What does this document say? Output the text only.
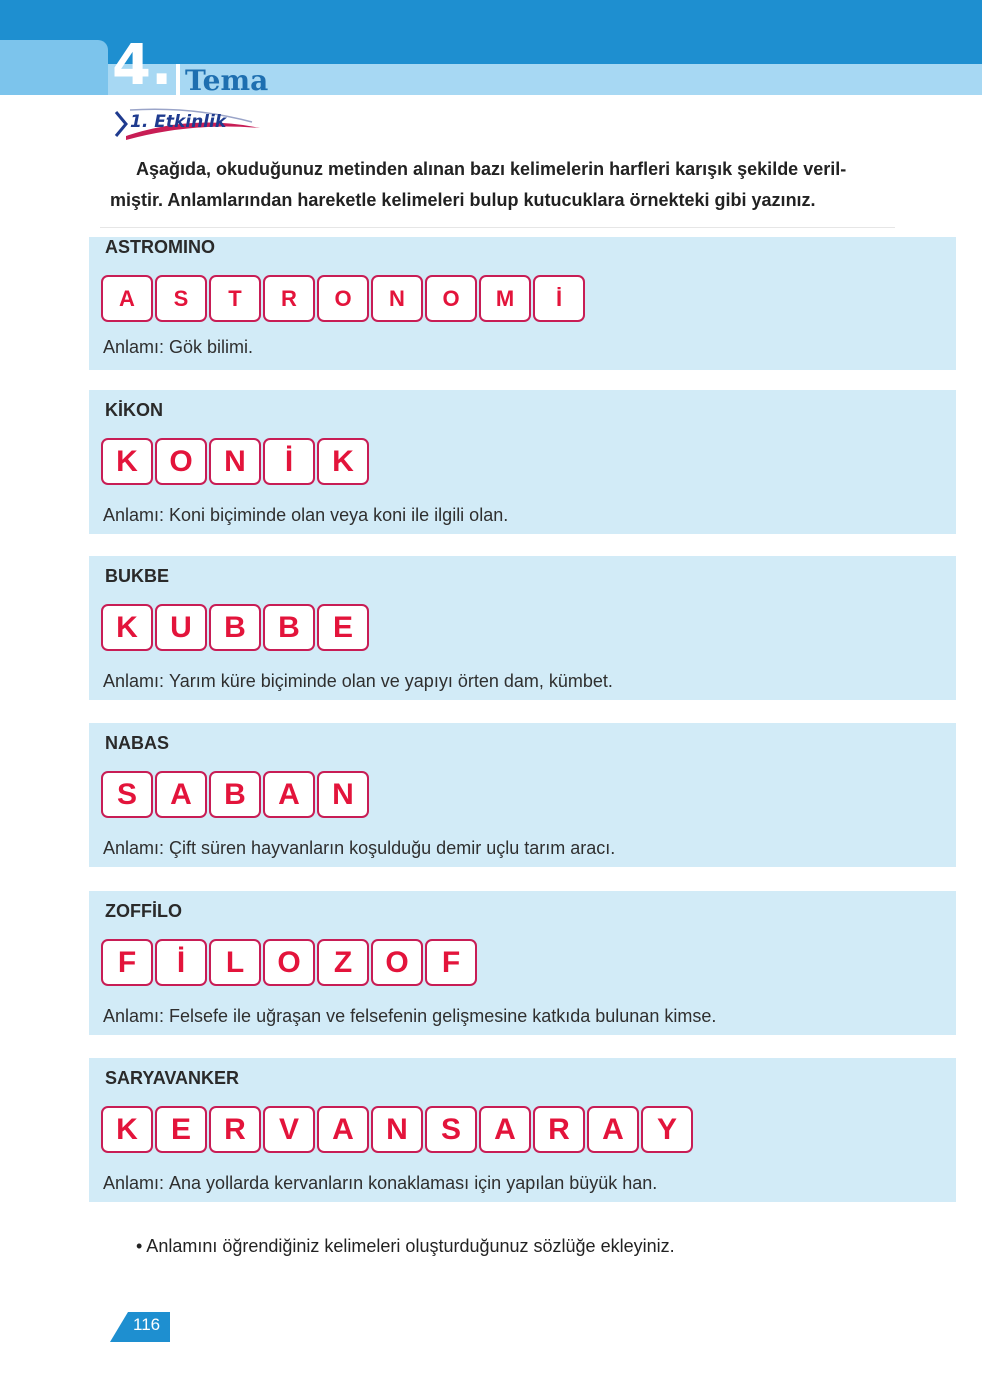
4. Tema
1. Etkinlik
Aşağıda, okuduğunuz metinden alınan bazı kelimelerin harfleri karışık şekilde veril-
miştir. Anlamlarından hareketle kelimeleri bulup kutucuklara örnekteki gibi yazınız.
ASTROMINO
A	S	T	R	O	N	O	M	İ
Anlamı: Gök bilimi.
KİKON
K	O	N	İ	K
Anlamı: Koni biçiminde olan veya koni ile ilgili olan.
BUKBE
K	U	B	B	E
Anlamı: Yarım küre biçiminde olan ve yapıyı örten dam, kümbet.
NABAS
S	A	B	A	N
Anlamı: Çift süren hayvanların koşulduğu demir uçlu tarım aracı.
ZOFFİLO
F	İ	L	O	Z	O	F
Anlamı: Felsefe ile uğraşan ve felsefenin gelişmesine katkıda bulunan kimse.
SARYAVANKER
K	E	R	V	A	N	S	A	R	A	Y
Anlamı: Ana yollarda kervanların konaklaması için yapılan büyük han.
• Anlamını öğrendiğiniz kelimeleri oluşturduğunuz sözlüğe ekleyiniz.
116
